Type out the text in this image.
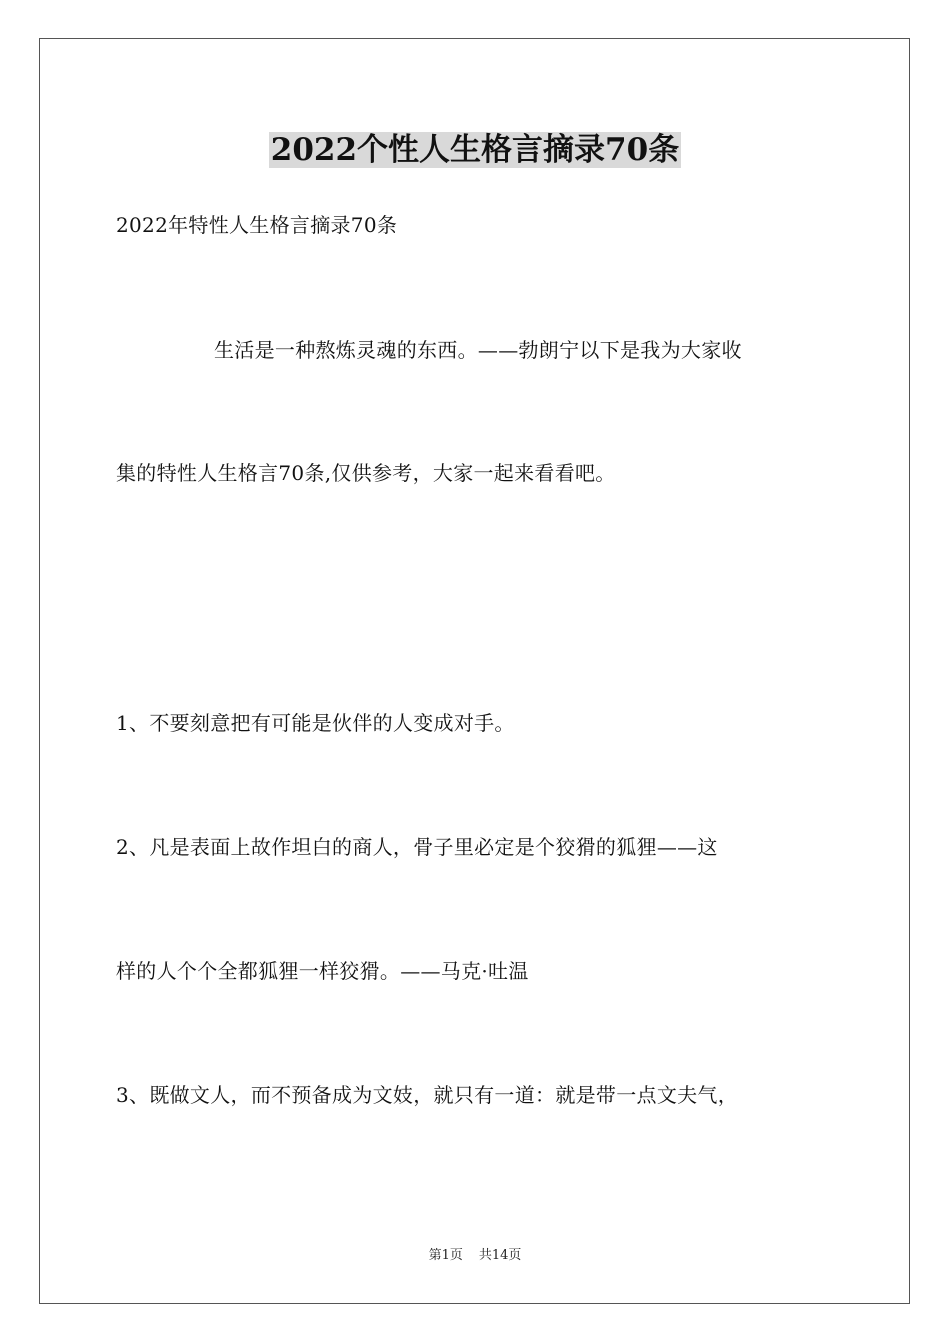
2022个性人生格言摘录70条
2022年特性人生格言摘录70条
生活是一种熬炼灵魂的东西。——勃朗宁以下是我为大家收
集的特性人生格言70条,仅供参考，大家一起来看看吧。
1、不要刻意把有可能是伙伴的人变成对手。
2、凡是表面上故作坦白的商人，骨子里必定是个狡猾的狐狸——这
样的人个个全都狐狸一样狡猾。——马克·吐温
3、既做文人，而不预备成为文妓，就只有一道：就是带一点文夫气，
第1页 共14页
